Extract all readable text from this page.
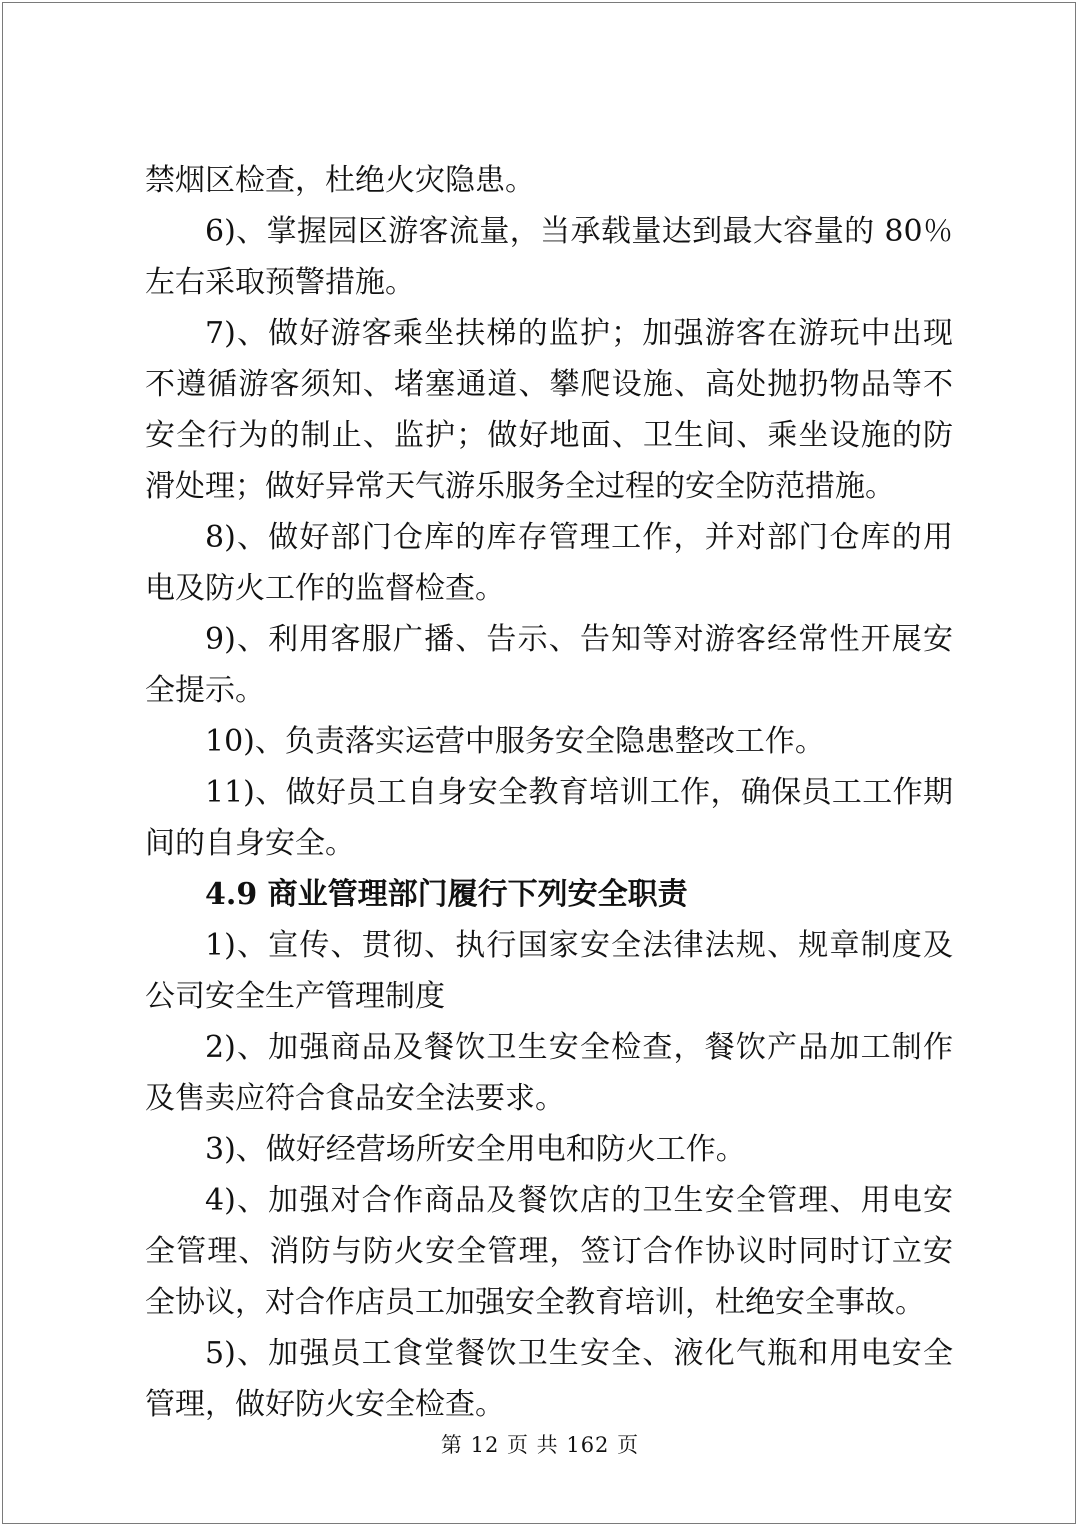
禁烟区检查，杜绝火灾隐患。

6)、掌握园区游客流量，当承载量达到最大容量的 80％左右采取预警措施。

7)、做好游客乘坐扶梯的监护；加强游客在游玩中出现不遵循游客须知、堵塞通道、攀爬设施、高处抛扔物品等不安全行为的制止、监护；做好地面、卫生间、乘坐设施的防滑处理；做好异常天气游乐服务全过程的安全防范措施。

8)、做好部门仓库的库存管理工作，并对部门仓库的用电及防火工作的监督检查。

9)、利用客服广播、告示、告知等对游客经常性开展安全提示。

10)、负责落实运营中服务安全隐患整改工作。

11)、做好员工自身安全教育培训工作，确保员工工作期间的自身安全。

4.9 商业管理部门履行下列安全职责

1)、宣传、贯彻、执行国家安全法律法规、规章制度及公司安全生产管理制度

2)、加强商品及餐饮卫生安全检查，餐饮产品加工制作及售卖应符合食品安全法要求。

3)、做好经营场所安全用电和防火工作。

4)、加强对合作商品及餐饮店的卫生安全管理、用电安全管理、消防与防火安全管理，签订合作协议时同时订立安全协议，对合作店员工加强安全教育培训，杜绝安全事故。

5)、加强员工食堂餐饮卫生安全、液化气瓶和用电安全管理，做好防火安全检查。

第 12 页 共 162 页
